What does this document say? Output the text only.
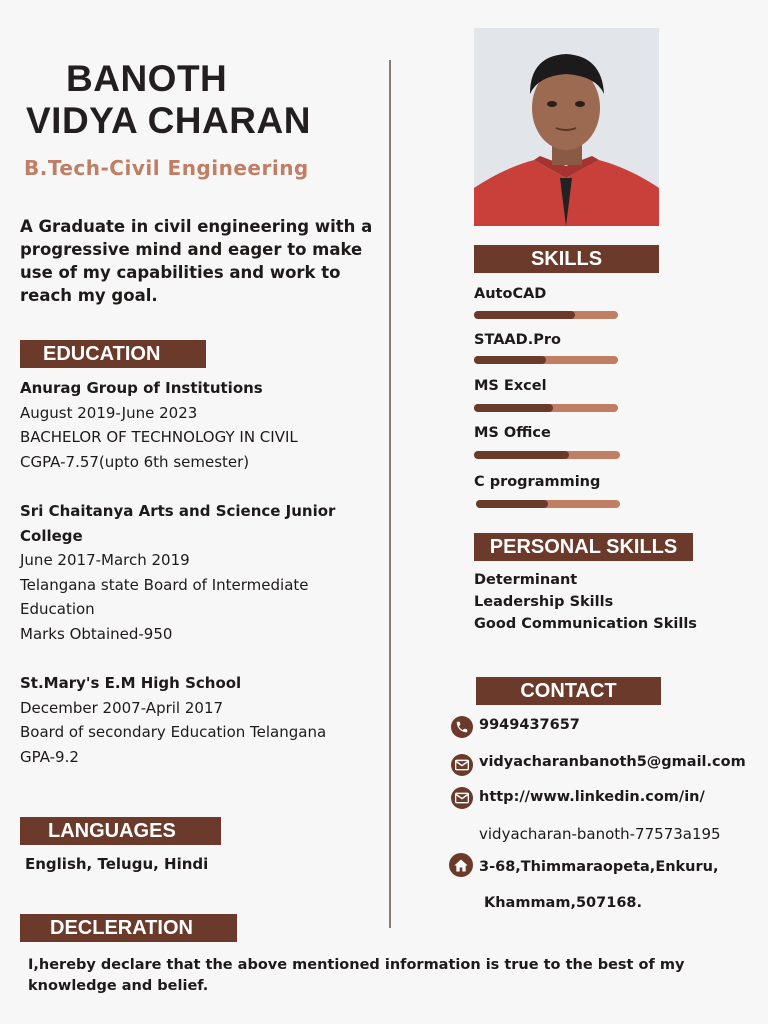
BANOTH
VIDYA CHARAN
B.Tech-Civil Engineering
A Graduate in civil engineering with a progressive mind and eager to make use of my capabilities and work to reach my goal.
EDUCATION
Anurag Group of Institutions
August 2019-June 2023
BACHELOR OF TECHNOLOGY IN CIVIL
CGPA-7.57(upto 6th semester)
Sri Chaitanya Arts and Science Junior College
June 2017-March 2019
Telangana state Board of Intermediate Education
Marks Obtained-950
St.Mary's E.M High School
December 2007-April 2017
Board of secondary Education Telangana
GPA-9.2
LANGUAGES
English, Telugu, Hindi
DECLERATION
I,hereby declare that the above mentioned information is true to the best of my knowledge and belief.
SKILLS
AutoCAD
STAAD.Pro
MS Excel
MS Office
C programming
PERSONAL SKILLS
Determinant
Leadership Skills
Good Communication Skills
CONTACT
9949437657
vidyacharanbanoth5@gmail.com
http://www.linkedin.com/in/
vidyacharan-banoth-77573a195
3-68,Thimmaraopeta,Enkuru,
Khammam,507168.
